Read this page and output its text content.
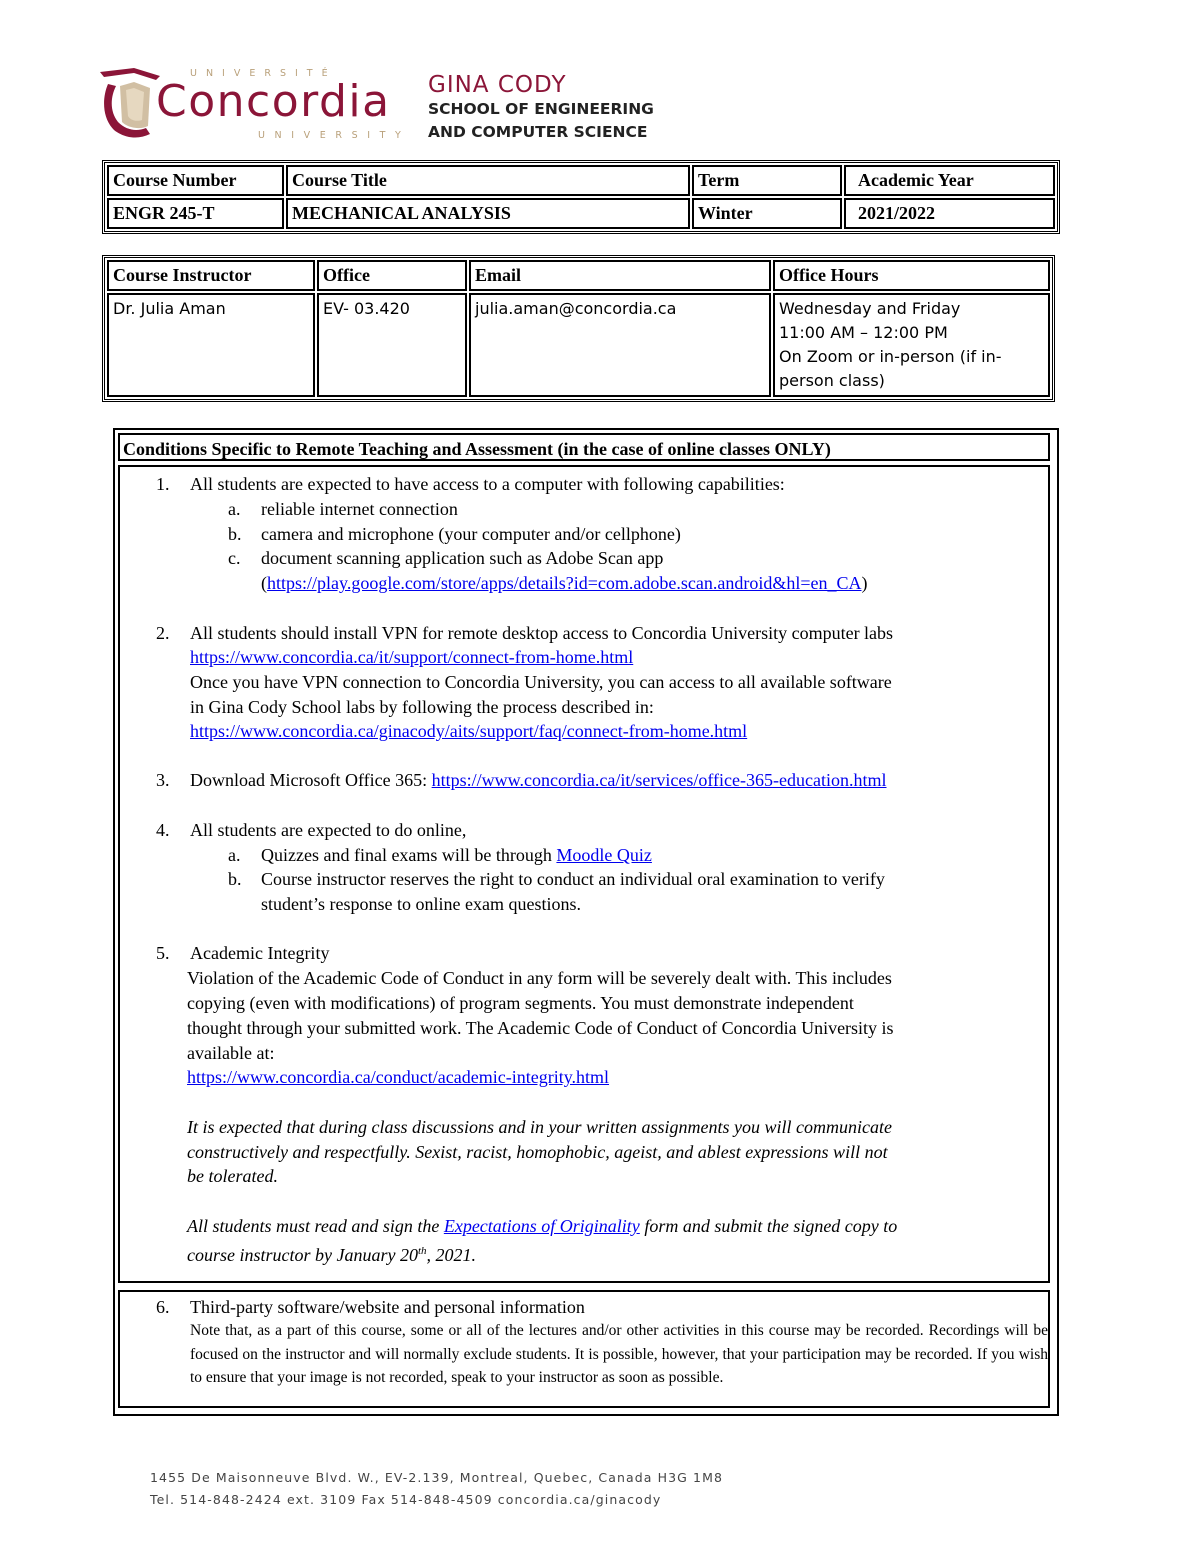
UNIVERSITÉ
Concordia
UNIVERSITY
GINA CODY
SCHOOL OF ENGINEERING
AND COMPUTER SCIENCE
Course Number	Course Title	Term	Academic Year
ENGR 245-T	MECHANICAL ANALYSIS	Winter	2021/2022
Course Instructor	Office	Email	Office Hours
Dr. Julia Aman	EV- 03.420	julia.aman@concordia.ca	Wednesday and Friday
11:00 AM – 12:00 PM
On Zoom or in-person (if in-
person class)
Conditions Specific to Remote Teaching and Assessment (in the case of online classes ONLY)
1. All students are expected to have access to a computer with following capabilities:
a. reliable internet connection
b. camera and microphone (your computer and/or cellphone)
c. document scanning application such as Adobe Scan app
(https://play.google.com/store/apps/details?id=com.adobe.scan.android&hl=en_CA)
2. All students should install VPN for remote desktop access to Concordia University computer labs
https://www.concordia.ca/it/support/connect-from-home.html
Once you have VPN connection to Concordia University, you can access to all available software
in Gina Cody School labs by following the process described in:
https://www.concordia.ca/ginacody/aits/support/faq/connect-from-home.html
3. Download Microsoft Office 365: https://www.concordia.ca/it/services/office-365-education.html
4. All students are expected to do online,
a. Quizzes and final exams will be through Moodle Quiz
b. Course instructor reserves the right to conduct an individual oral examination to verify
student’s response to online exam questions.
5. Academic Integrity
Violation of the Academic Code of Conduct in any form will be severely dealt with. This includes
copying (even with modifications) of program segments. You must demonstrate independent
thought through your submitted work. The Academic Code of Conduct of Concordia University is
available at:
https://www.concordia.ca/conduct/academic-integrity.html
It is expected that during class discussions and in your written assignments you will communicate
constructively and respectfully. Sexist, racist, homophobic, ageist, and ablest expressions will not
be tolerated.
All students must read and sign the Expectations of Originality form and submit the signed copy to
course instructor by January 20th, 2021.
6. Third-party software/website and personal information
Note that, as a part of this course, some or all of the lectures and/or other activities in this course may be recorded. Recordings will be focused on the instructor and will normally exclude students. It is possible, however, that your participation may be recorded. If you wish to ensure that your image is not recorded, speak to your instructor as soon as possible.
1455 De Maisonneuve Blvd. W., EV-2.139, Montreal, Quebec, Canada H3G 1M8
Tel. 514-848-2424 ext. 3109 Fax 514-848-4509 concordia.ca/ginacody
